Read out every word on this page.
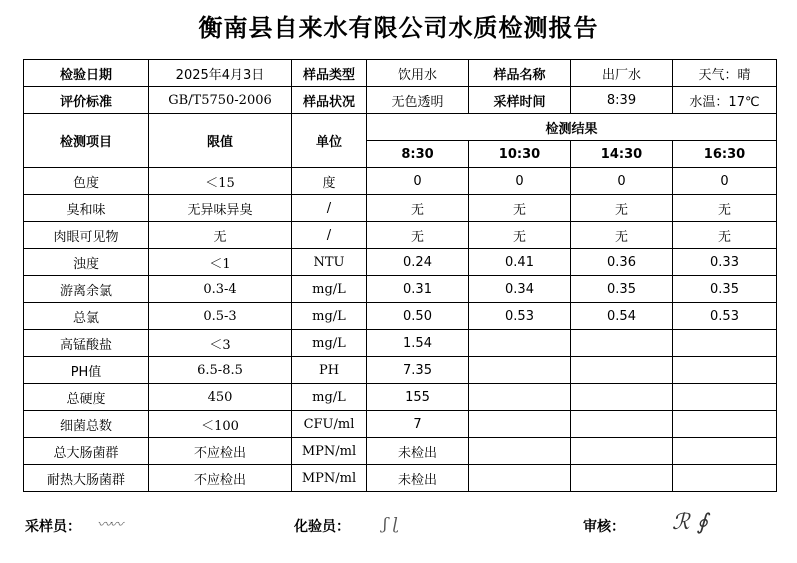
衡南县自来水有限公司水质检测报告
检验日期	2025年4月3日	样品类型	饮用水	样品名称	出厂水	天气：晴
评价标准	GB/T5750-2006	样品状况	无色透明	采样时间	8:39	水温：17℃
检测项目	限值	单位	检测结果			
			8:30	10:30	14:30	16:30
色度	＜15	度	0	0	0	0
臭和味	无异味异臭	/	无	无	无	无
肉眼可见物	无	/	无	无	无	无
浊度	＜1	NTU	0.24	0.41	0.36	0.33
游离余氯	0.3-4	mg/L	0.31	0.34	0.35	0.35
总氯	0.5-3	mg/L	0.50	0.53	0.54	0.53
高锰酸盐	＜3	mg/L	1.54			
PH值	6.5-8.5	PH	7.35			
总硬度	450	mg/L	155			
细菌总数	＜100	CFU/ml	7			
总大肠菌群	不应检出	MPN/ml	未检出			
耐热大肠菌群	不应检出	MPN/ml	未检出			
采样员： 〰〰	化验员： ʃ ɭ	审核： ℛ ∮
